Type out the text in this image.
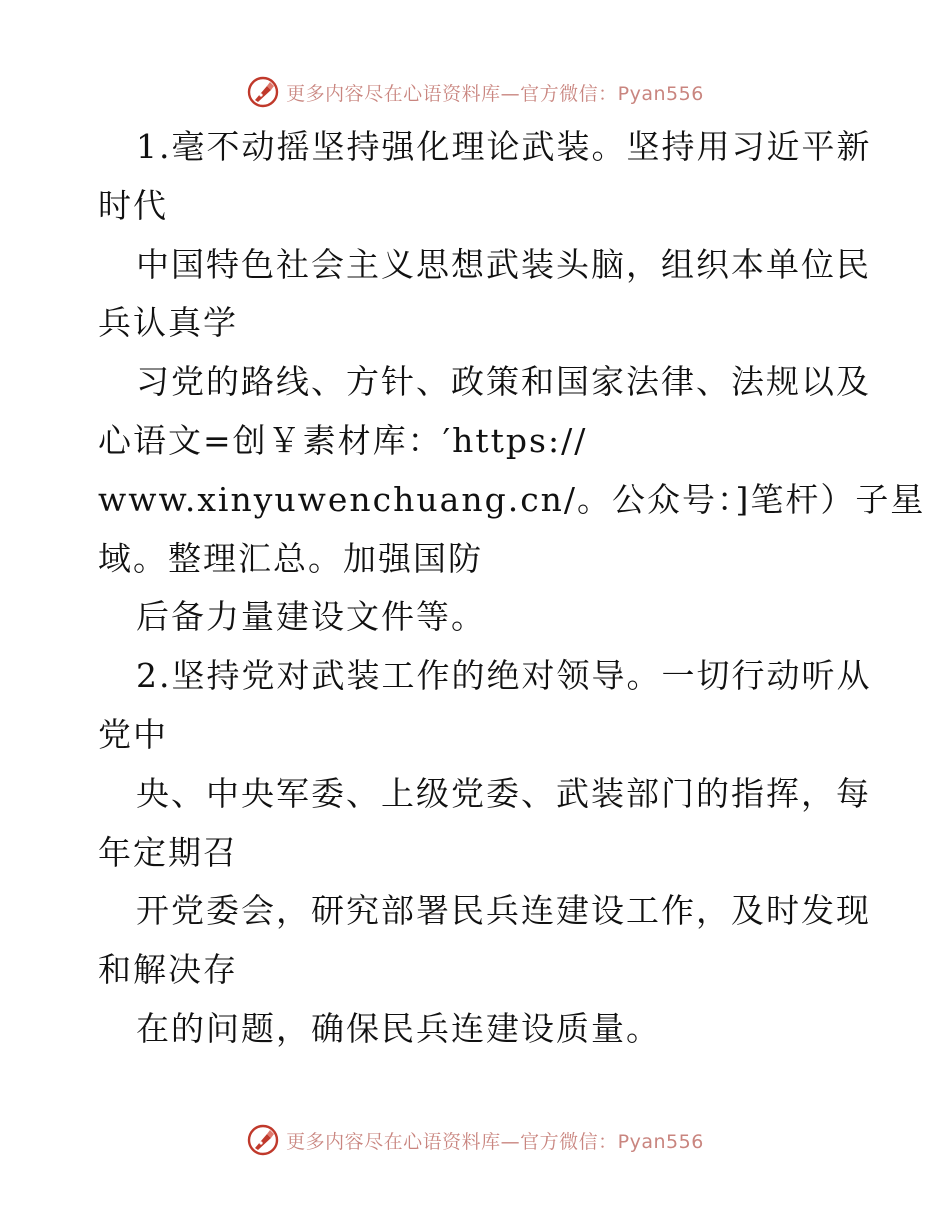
更多内容尽在心语资料库—官方微信：Pyan556
1.毫不动摇坚持强化理论武装。坚持用习近平新
时代
中国特色社会主义思想武装头脑，组织本单位民
兵认真学
习党的路线、方针、政策和国家法律、法规以及
心语文=创￥素材库：′https://
www.xinyuwenchuang.cn/。公众号：]笔杆）子星
域。整理汇总。加强国防
后备力量建设文件等。
2.坚持党对武装工作的绝对领导。一切行动听从
党中
央、中央军委、上级党委、武装部门的指挥，每
年定期召
开党委会，研究部署民兵连建设工作，及时发现
和解决存
在的问题，确保民兵连建设质量。
更多内容尽在心语资料库—官方微信：Pyan556
